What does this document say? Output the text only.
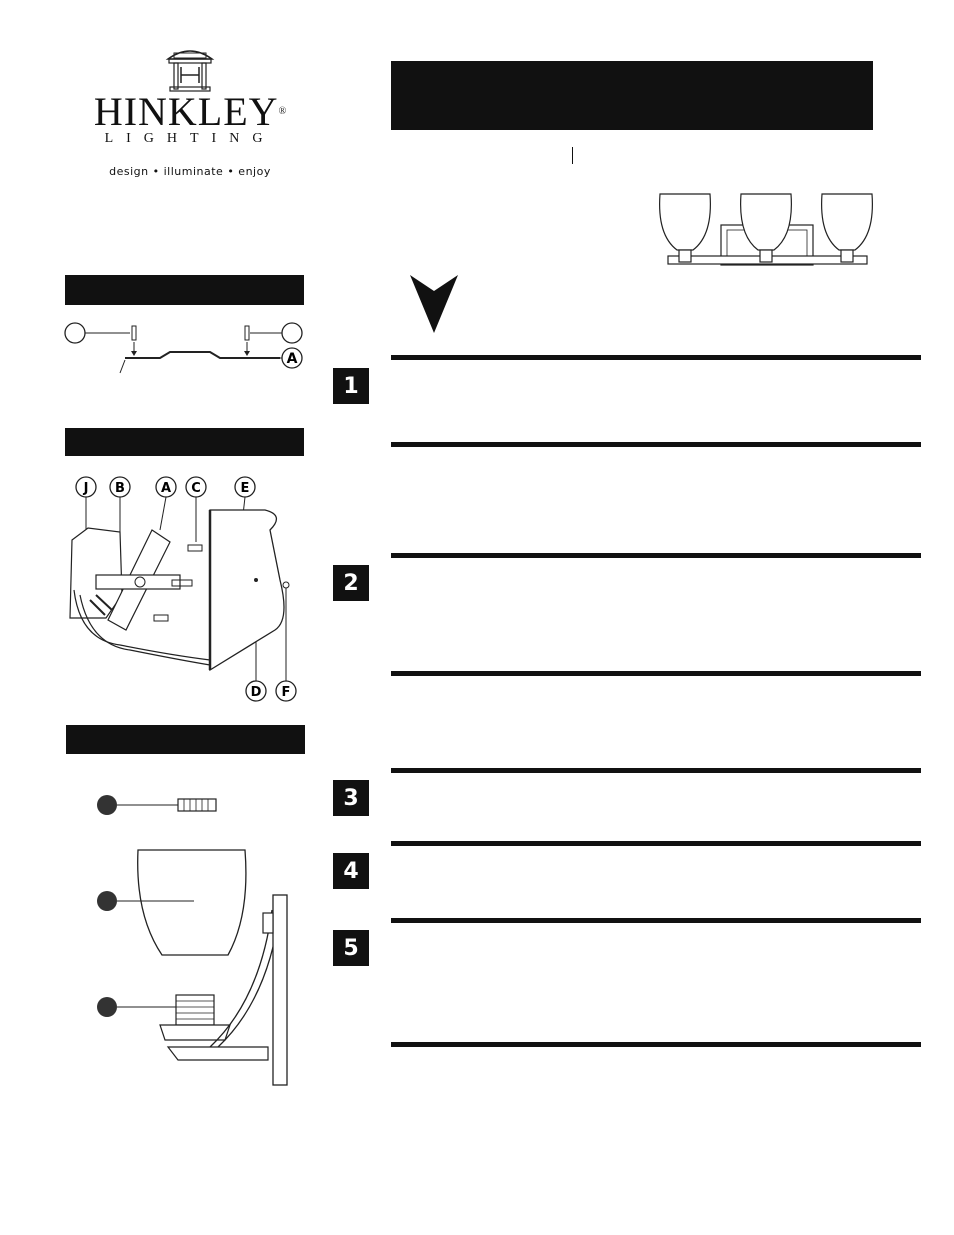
HINKLEY®
LIGHTING
design • illuminate • enjoy
A
J B	A C	E
D F
1
2
3
4
5
